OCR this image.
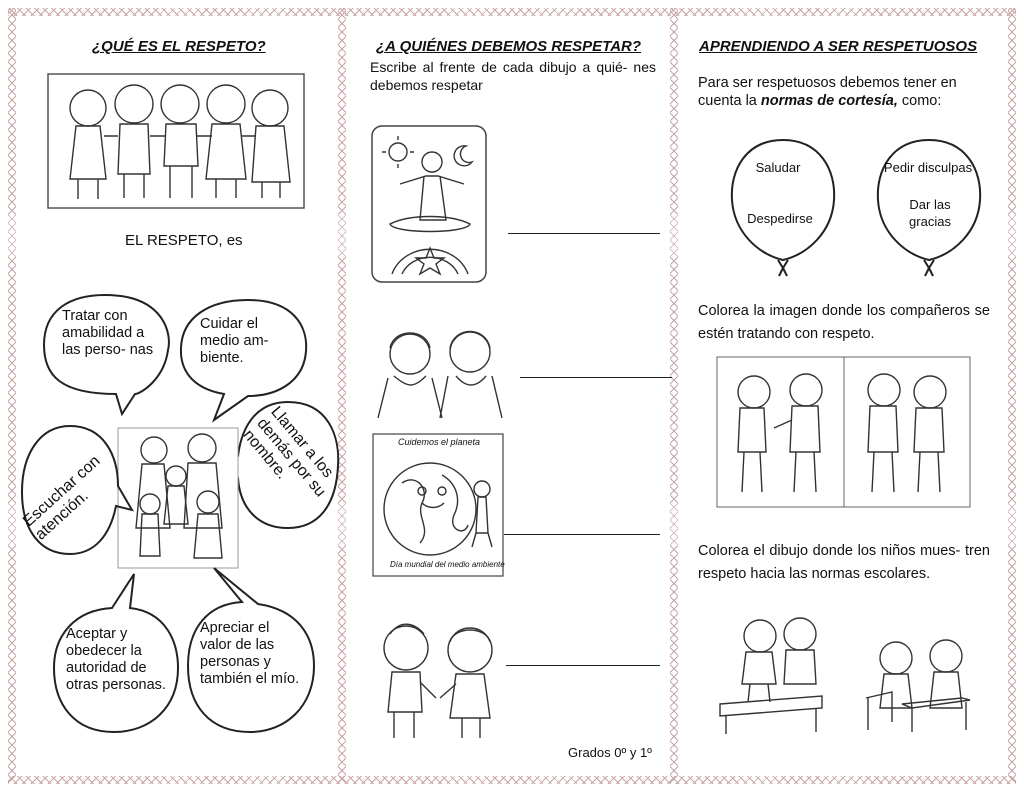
¿QUÉ ES EL RESPETO?
EL RESPETO, es
Tratar con amabilidad a las perso- nas
Cuidar el medio am- biente.
Llamar a los demás por su nombre.
Escuchar con atención.
Aceptar y obedecer la autoridad de otras personas.
Apreciar el valor de las personas y también el mío.
¿A QUIÉNES DEBEMOS RESPETAR?
Escribe al frente de cada dibujo a quié- nes debemos respetar
Cuidemos el planeta
Día mundial del medio ambiente
Grados 0º y 1º
APRENDIENDO A SER RESPETUOSOS
Para ser respetuosos debemos tener en cuenta la normas de cortesía, como:
Saludar
Despedirse
Pedir disculpas
Dar las gracias
Colorea la imagen donde los compañeros se estén tratando con respeto.
Colorea el dibujo donde los niños mues- tren respeto hacia las normas escolares.
